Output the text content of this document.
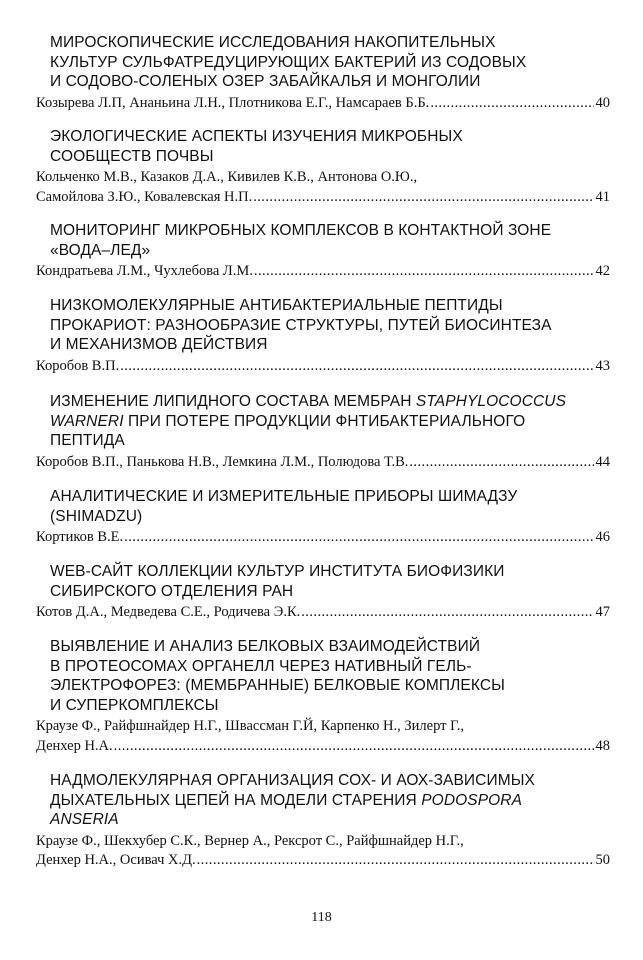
МИРОСКОПИЧЕСКИЕ ИССЛЕДОВАНИЯ НАКОПИТЕЛЬНЫХ
КУЛЬТУР СУЛЬФАТРЕДУЦИРУЮЩИХ БАКТЕРИЙ ИЗ СОДОВЫХ
И СОДОВО-СОЛЕНЫХ ОЗЕР ЗАБАЙКАЛЬЯ И МОНГОЛИИ
Козырева Л.П, Ананьина Л.Н., Плотникова Е.Г., Намсараев Б.Б. . . .	40
ЭКОЛОГИЧЕСКИЕ АСПЕКТЫ ИЗУЧЕНИЯ МИКРОБНЫХ
СООБЩЕСТВ ПОЧВЫ
Кольченко М.В., Казаков Д.А., Кивилев К.В., Антонова О.Ю.,
Самойлова З.Ю., Ковалевская Н.П. . . .	41
МОНИТОРИНГ МИКРОБНЫХ КОМПЛЕКСОВ В КОНТАКТНОЙ ЗОНЕ
«ВОДА–ЛЕД»
Кондратьева Л.М., Чухлебова Л.М. . . .	42
НИЗКОМОЛЕКУЛЯРНЫЕ АНТИБАКТЕРИАЛЬНЫЕ ПЕПТИДЫ
ПРОКАРИОТ: РАЗНООБРАЗИЕ СТРУКТУРЫ, ПУТЕЙ БИОСИНТЕЗА
И МЕХАНИЗМОВ ДЕЙСТВИЯ
Коробов В.П. . . .	43
ИЗМЕНЕНИЕ ЛИПИДНОГО СОСТАВА МЕМБРАН STAPHYLOCOCCUS
WARNERI ПРИ ПОТЕРЕ ПРОДУКЦИИ ФНТИБАКТЕРИАЛЬНОГО
ПЕПТИДА
Коробов В.П., Панькова Н.В., Лемкина Л.М., Полюдова Т.В. . . .	44
АНАЛИТИЧЕСКИЕ И ИЗМЕРИТЕЛЬНЫЕ ПРИБОРЫ ШИМАДЗУ
(SHIMADZU)
Кортиков В.Е. . . .	46
WEB-САЙТ КОЛЛЕКЦИИ КУЛЬТУР ИНСТИТУТА БИОФИЗИКИ
СИБИРСКОГО ОТДЕЛЕНИЯ РАН
Котов Д.А., Медведева С.Е., Родичева Э.К. . . .	47
ВЫЯВЛЕНИЕ И АНАЛИЗ БЕЛКОВЫХ ВЗАИМОДЕЙСТВИЙ
В ПРОТЕОСОМАХ ОРГАНЕЛЛ ЧЕРЕЗ НАТИВНЫЙ ГЕЛЬ-
ЭЛЕКТРОФОРЕЗ: (МЕМБРАННЫЕ) БЕЛКОВЫЕ КОМПЛЕКСЫ
И СУПЕРКОМПЛЕКСЫ
Краузе Ф., Райфшнайдер Н.Г., Швассман Г.Й, Карпенко Н., Зилерт Г.,
Денхер Н.А. . . .	48
НАДМОЛЕКУЛЯРНАЯ ОРГАНИЗАЦИЯ СОХ- И АОХ-ЗАВИСИМЫХ
ДЫХАТЕЛЬНЫХ ЦЕПЕЙ НА МОДЕЛИ СТАРЕНИЯ PODOSPORA
ANSERIA
Краузе Ф., Шекхубер С.К., Вернер А., Рексрот С., Райфшнайдер Н.Г.,
Денхер Н.А., Осивач Х.Д. . . .	50
118
